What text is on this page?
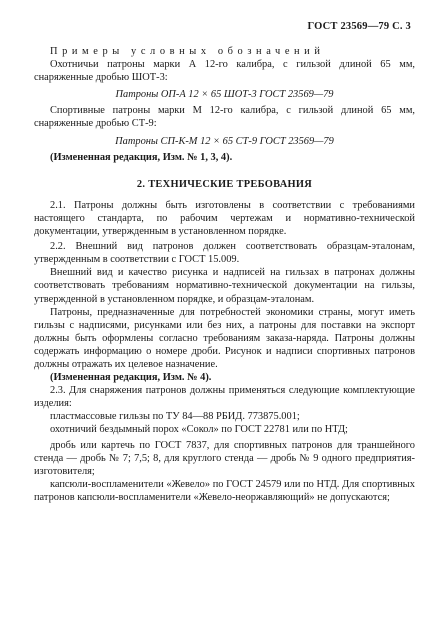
ГОСТ 23569—79 С. 3

Примеры условных обозначений

Охотничьи патроны марки А 12-го калибра, с гильзой длиной 65 мм, снаряженные дробью ШОТ-3:

Патроны ОП-А 12 × 65 ШОТ-3 ГОСТ 23569—79

Спортивные патроны марки М 12-го калибра, с гильзой длиной 65 мм, снаряженные дробью СТ-9:

Патроны СП-К-М 12 × 65 СТ-9 ГОСТ 23569—79

(Измененная редакция, Изм. № 1, 3, 4).

2. ТЕХНИЧЕСКИЕ ТРЕБОВАНИЯ

2.1. Патроны должны быть изготовлены в соответствии с требованиями настоящего стандарта, по рабочим чертежам и нормативно-технической документации, утвержденным в установленном порядке.

2.2. Внешний вид патронов должен соответствовать образцам-эталонам, утвержденным в соответствии с ГОСТ 15.009.

Внешний вид и качество рисунка и надписей на гильзах в патронах должны соответствовать требованиям нормативно-технической документации на гильзы, утвержденной в установленном порядке, и образцам-эталонам.

Патроны, предназначенные для потребностей экономики страны, могут иметь гильзы с надписями, рисунками или без них, а патроны для поставки на экспорт должны быть оформлены согласно требованиям заказа-наряда. Патроны должны содержать информацию о номере дроби. Рисунок и надписи спортивных патронов должны отражать их целевое назначение.

(Измененная редакция, Изм. № 4).

2.3. Для снаряжения патронов должны применяться следующие комплектующие изделия:

пластмассовые гильзы по ТУ 84—88 РБИД. 773875.001;

охотничий бездымный порох «Сокол» по ГОСТ 22781 или по НТД;

дробь или картечь по ГОСТ 7837, для спортивных патронов для траншейного стенда — дробь № 7; 7,5; 8, для круглого стенда — дробь № 9 одного предприятия-изготовителя;

капсюли-воспламенители «Жевело» по ГОСТ 24579 или по НТД. Для спортивных патронов капсюли-воспламенители «Жевело-неоржавляющий» не допускаются;
